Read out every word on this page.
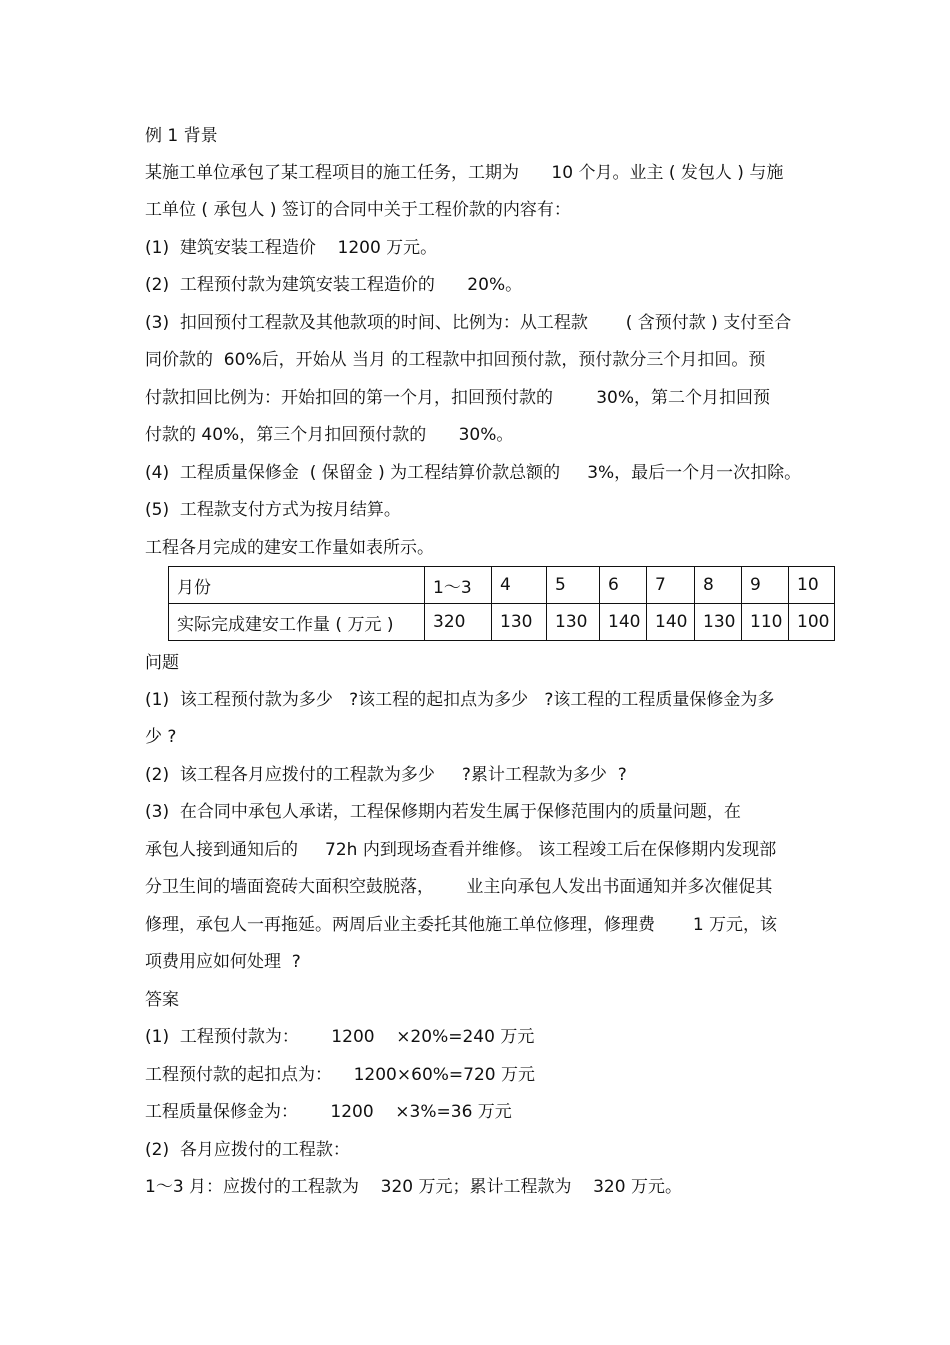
例 1 背景

某施工单位承包了某工程项目的施工任务，工期为      10 个月。业主 ( 发包人 ) 与施

工单位 ( 承包人 ) 签订的合同中关于工程价款的内容有：

(1)  建筑安装工程造价    1200 万元。

(2)  工程预付款为建筑安装工程造价的      20%。

(3)  扣回预付工程款及其他款项的时间、比例为：从工程款       ( 含预付款 ) 支付至合

同价款的  60%后，开始从 当月 的工程款中扣回预付款，预付款分三个月扣回。预

付款扣回比例为：开始扣回的第一个月，扣回预付款的        30%，第二个月扣回预

付款的 40%，第三个月扣回预付款的      30%。

(4)  工程质量保修金  ( 保留金 ) 为工程结算价款总额的     3%，最后一个月一次扣除。

(5)  工程款支付方式为按月结算。

工程各月完成的建安工作量如表所示。

月份	1～3	4	5	6	7	8	9	10
实际完成建安工作量 ( 万元 )	320	130	130	140	140	130	110	100

问题

(1)  该工程预付款为多少   ?该工程的起扣点为多少   ?该工程的工程质量保修金为多

少 ?

(2)  该工程各月应拨付的工程款为多少     ?累计工程款为多少  ?

(3)  在合同中承包人承诺，工程保修期内若发生属于保修范围内的质量问题，在

承包人接到通知后的     72h 内到现场查看并维修。 该工程竣工后在保修期内发现部

分卫生间的墙面瓷砖大面积空鼓脱落，      业主向承包人发出书面通知并多次催促其

修理，承包人一再拖延。两周后业主委托其他施工单位修理，修理费       1 万元，该

项费用应如何处理  ?

答案

(1)  工程预付款为：      1200    ×20%=240 万元

工程预付款的起扣点为：    1200×60%=720 万元

工程质量保修金为：      1200    ×3%=36 万元

(2)  各月应拨付的工程款：

1～3 月：应拨付的工程款为    320 万元；累计工程款为    320 万元。
